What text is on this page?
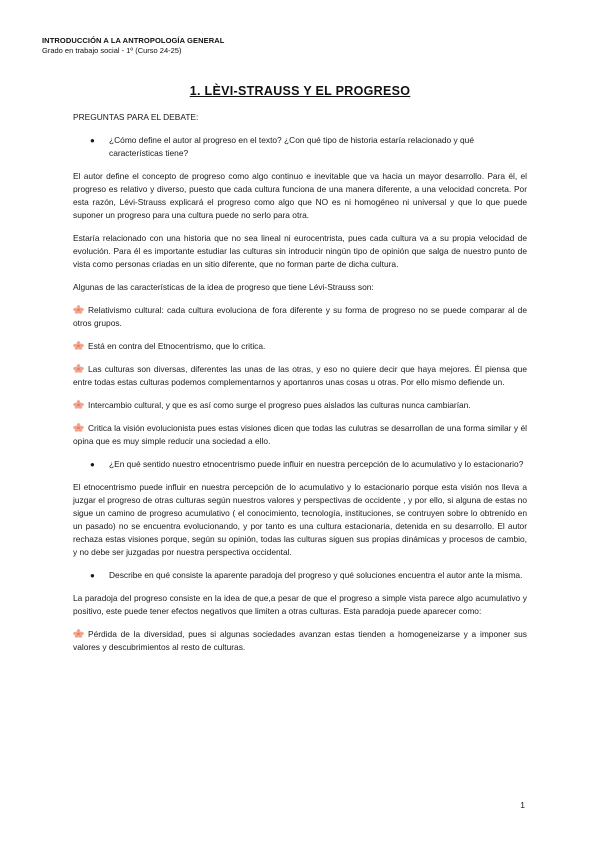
INTRODUCCIÓN A LA ANTROPOLOGÍA GENERAL
Grado en trabajo social - 1º (Curso 24-25)
1. LÈVI-STRAUSS Y EL PROGRESO

PREGUNTAS PARA EL DEBATE:

● ¿Cómo define el autor al progreso en el texto? ¿Con qué tipo de historia estaría relacionado y qué características tiene?

El autor define el concepto de progreso como algo continuo e inevitable que va hacia un mayor desarrollo. Para él, el progreso es relativo y diverso, puesto que cada cultura funciona de una manera diferente, a una velocidad concreta. Por esta razón, Lévi-Strauss explicará el progreso como algo que NO es ni homogéneo ni universal y que lo que puede suponer un progreso para una cultura puede no serlo para otra.

Estaría relacionado con una historia que no sea lineal ni eurocentrista, pues cada cultura va a su propia velocidad de evolución. Para él es importante estudiar las culturas sin introducir ningún tipo de opinión que salga de nuestro punto de vista como personas criadas en un sitio diferente, que no forman parte de dicha cultura.

Algunas de las características de la idea de progreso que tiene Lévi-Strauss son:

Relativismo cultural: cada cultura evoluciona de fora diferente y su forma de progreso no se puede comparar al de otros grupos.

Está en contra del Etnocentrismo, que lo critica.

Las culturas son diversas, diferentes las unas de las otras, y eso no quiere decir que haya mejores. Él piensa que entre todas estas culturas podemos complementarnos y aportanros unas cosas u otras. Por ello mismo defiende un.

Intercambio cultural, y que es así como surge el progreso pues aislados las culturas nunca cambiarían.

Critica la visión evolucionista pues estas visiones dicen que todas las culutras se desarrollan de una forma similar y él opina que es muy simple reducir una sociedad a ello.

● ¿En qué sentido nuestro etnocentrismo puede influir en nuestra percepción de lo acumulativo y lo estacionario?

El etnocentrismo puede influir en nuestra percepción de lo acumulativo y lo estacionario porque esta visión nos lleva a juzgar el progreso de otras culturas según nuestros valores y perspectivas de occidente , y por ello, si alguna de estas no sigue un camino de progreso acumulativo ( el conocimiento, tecnología, instituciones, se contruyen sobre lo obtrenido en un pasado) no se encuentra evolucionando, y por tanto es una cultura estacionaria, detenida en su desarrollo. El autor rechaza estas visiones porque, según su opinión, todas las culturas siguen sus propias dinámicas y procesos de cambio, y no debe ser juzgadas por nuestra perspectiva occidental.

● Describe en qué consiste la aparente paradoja del progreso y qué soluciones encuentra el autor ante la misma.

La paradoja del progreso consiste en la idea de que,a pesar de que el progreso a simple vista parece algo acumulativo y positivo, este puede tener efectos negativos que limiten a otras culturas. Esta paradoja puede aparecer como:

Pérdida de la diversidad, pues si algunas sociedades avanzan estas tienden a homogeneizarse y a imponer sus valores y descubrimientos al resto de culturas.

1
